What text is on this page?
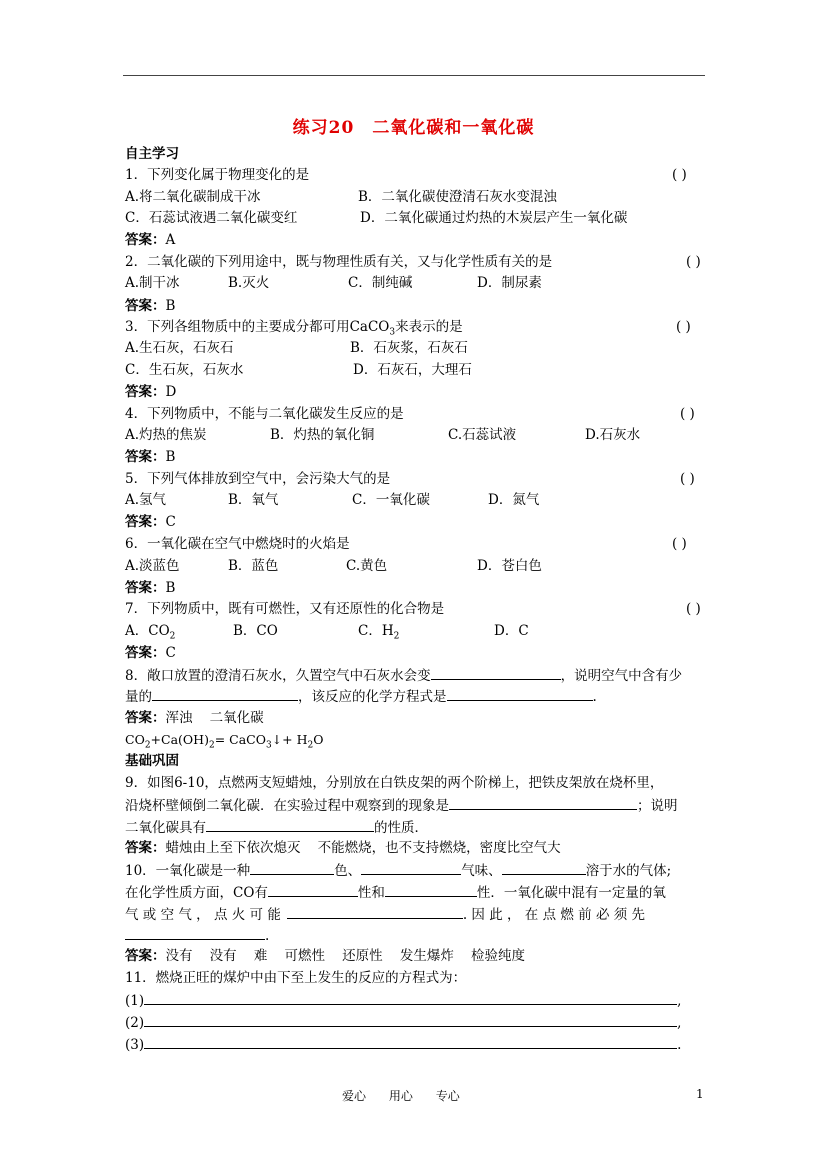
练习20 二氧化碳和一氧化碳
自主学习
1．下列变化属于物理变化的是	( )
A.将二氧化碳制成干冰	B．二氧化碳使澄清石灰水变混浊
C．石蕊试液遇二氧化碳变红	D．二氧化碳通过灼热的木炭层产生一氧化碳
答案：A
2．二氧化碳的下列用途中，既与物理性质有关，又与化学性质有关的是	( )
A.制干冰	B.灭火	C．制纯碱	D．制尿素
答案：B
3．下列各组物质中的主要成分都可用CaCO$_3$来表示的是	( )
A.生石灰，石灰石	B．石灰浆，石灰石
C．生石灰，石灰水	D．石灰石，大理石
答案：D
4．下列物质中，不能与二氧化碳发生反应的是	( )
A.灼热的焦炭	B．灼热的氧化铜	C.石蕊试液	D.石灰水
答案：B
5．下列气体排放到空气中，会污染大气的是	( )
A.氢气	B．氧气	C．一氧化碳	D．氮气
答案：C
6．一氧化碳在空气中燃烧时的火焰是	( )
A.淡蓝色	B．蓝色	C.黄色	D．苍白色
答案：B
7．下列物质中，既有可燃性，又有还原性的化合物是	( )
A．$CO_2$	B．CO	C．$H_2$	D．C
答案：C
8．敞口放置的澄清石灰水，久置空气中石灰水会变	，说明空气中含有少
量的	，该反应的化学方程式是	.
答案：浑浊    二氧化碳
$CO_2+Ca(OH)_2=$ CaCO$_3$↓+ $H_2O$
基础巩固
9．如图6-10，点燃两支短蜡烛，分别放在白铁皮架的两个阶梯上，把铁皮架放在烧杯里，
沿烧杯壁倾倒二氧化碳．在实验过程中观察到的现象是	；说明
二氧化碳具有	的性质．
答案：蜡烛由上至下依次熄灭    不能燃烧，也不支持燃烧，密度比空气大
10．一氧化碳是一种	色、	气味、	溶于水的气体;
在化学性质方面，CO有	性和	性．一氧化碳中混有一定量的氧
气 或 空 气 ， 点 火 可 能	. 因 此 ， 在 点 燃 前 必 须 先
.
答案：没有    没有    难    可燃性    还原性    发生爆炸    检验纯度
11．燃烧正旺的煤炉中由下至上发生的反应的方程式为：
(1)	,
(2)	,
(3)	.
爱心      用心      专心	1
